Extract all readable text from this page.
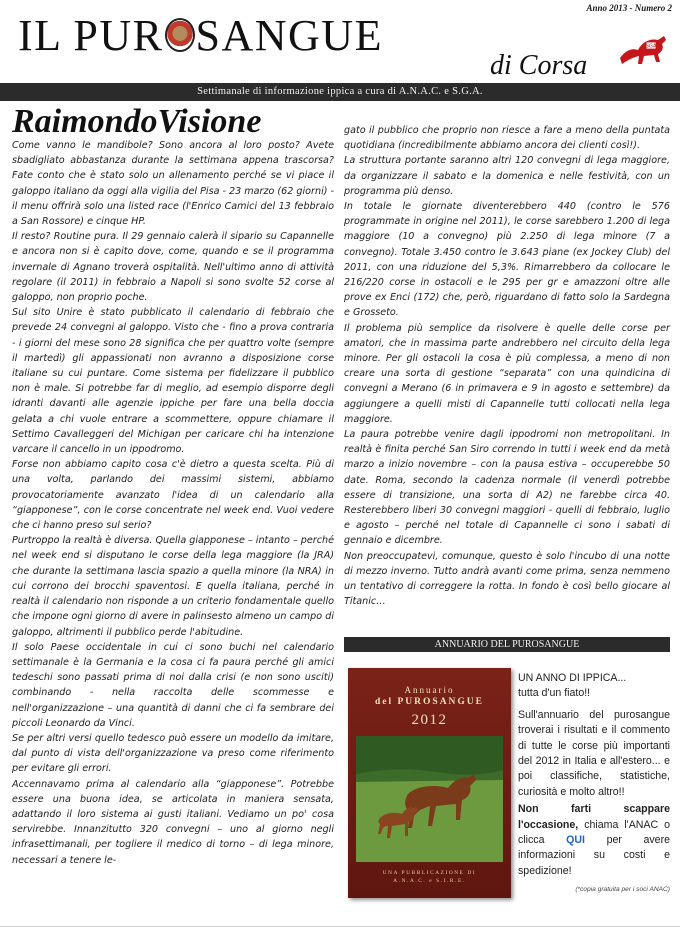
Anno 2013 - Numero 2
IL PUR SANGUE
di Corsa
SGA
Settimanale di informazione ippica a cura di A.N.A.C. e S.G.A.
RaimondoVisione

Come vanno le mandibole? Sono ancora al loro posto? Avete sbadigliato abbastanza durante la settimana appena trascorsa? Fate conto che è stato solo un allenamento perché se vi piace il galoppo italiano da oggi alla vigilia del Pisa - 23 marzo (62 giorni) - il menu offrirà solo una listed race (l'Enrico Camici del 13 febbraio a San Rossore) e cinque HP.

Il resto? Routine pura. Il 29 gennaio calerà il sipario su Capannelle e ancora non si è capito dove, come, quando e se il programma invernale di Agnano troverà ospitalità. Nell'ultimo anno di attività regolare (il 2011) in febbraio a Napoli si sono svolte 52 corse al galoppo, non proprio poche.

Sul sito Unire è stato pubblicato il calendario di febbraio che prevede 24 convegni al galoppo. Visto che - fino a prova contraria - i giorni del mese sono 28 significa che per quattro volte (sempre il martedì) gli appassionati non avranno a disposizione corse italiane su cui puntare. Come sistema per fidelizzare il pubblico non è male. Si potrebbe far di meglio, ad esempio disporre degli idranti davanti alle agenzie ippiche per fare una bella doccia gelata a chi vuole entrare a scommettere, oppure chiamare il Settimo Cavalleggeri del Michigan per caricare chi ha intenzione varcare il cancello in un ippodromo.

Forse non abbiamo capito cosa c'è dietro a questa scelta. Più di una volta, parlando dei massimi sistemi, abbiamo provocatoriamente avanzato l'idea di un calendario alla “giapponese”, con le corse concentrate nel week end. Vuoi vedere che ci hanno preso sul serio?

Purtroppo la realtà è diversa. Quella giapponese – intanto – perché nel week end si disputano le corse della lega maggiore (la JRA) che durante la settimana lascia spazio a quella minore (la NRA) in cui corrono dei brocchi spaventosi. E quella italiana, perché in realtà il calendario non risponde a un criterio fondamentale quello che impone ogni giorno di avere in palinsesto almeno un campo di galoppo, altrimenti il pubblico perde l'abitudine.

Il solo Paese occidentale in cui ci sono buchi nel calendario settimanale è la Germania e la cosa ci fa paura perché gli amici tedeschi sono passati prima di noi dalla crisi (e non sono usciti) combinando - nella raccolta delle scommesse e nell'organizzazione – una quantità di danni che ci fa sembrare dei piccoli Leonardo da Vinci.

Se per altri versi quello tedesco può essere un modello da imitare, dal punto di vista dell'organizzazione va preso come riferimento per evitare gli errori.

Accennavamo prima al calendario alla “giapponese”. Potrebbe essere una buona idea, se articolata in maniera sensata, adattando il loro sistema ai gusti italiani. Vediamo un po' cosa servirebbe. Innanzitutto 320 convegni – uno al giorno negli infrasettimanali, per togliere il medico di torno – di lega minore, necessari a tenere le-

gato il pubblico che proprio non riesce a fare a meno della puntata quotidiana (incredibilmente abbiamo ancora dei clienti così!).

La struttura portante saranno altri 120 convegni di lega maggiore, da organizzare il sabato e la domenica e nelle festività, con un programma più denso.

In totale le giornate diventerebbero 440 (contro le 576 programmate in origine nel 2011), le corse sarebbero 1.200 di lega maggiore (10 a convegno) più 2.250 di lega minore (7 a convegno). Totale 3.450 contro le 3.643 piane (ex Jockey Club) del 2011, con una riduzione del 5,3%. Rimarrebbero da collocare le 216/220 corse in ostacoli e le 295 per gr e amazzoni oltre alle prove ex Enci (172) che, però, riguardano di fatto solo la Sardegna e Grosseto.

Il problema più semplice da risolvere è quelle delle corse per amatori, che in massima parte andrebbero nel circuito della lega minore. Per gli ostacoli la cosa è più complessa, a meno di non creare una sorta di gestione “separata” con una quindicina di convegni a Merano (6 in primavera e 9 in agosto e settembre) da aggiungere a quelli misti di Capannelle tutti collocati nella lega maggiore.

La paura potrebbe venire dagli ippodromi non metropolitani. In realtà è finita perché San Siro correndo in tutti i week end da metà marzo a inizio novembre – con la pausa estiva – occuperebbe 50 date. Roma, secondo la cadenza normale (il venerdì potrebbe essere di transizione, una sorta di A2) ne farebbe circa 40. Resterebbero liberi 30 convegni maggiori - quelli di febbraio, luglio e agosto – perché nel totale di Capannelle ci sono i sabati di gennaio e dicembre.

Non preoccupatevi, comunque, questo è solo l'incubo di una notte di mezzo inverno. Tutto andrà avanti come prima, senza nemmeno un tentativo di correggere la rotta. In fondo è così bello giocare al Titanic…

ANNUARIO DEL PUROSANGUE
Annuario
del PUROSANGUE
2012
UNA PUBBLICAZIONE DI
A.N.A.C. e S.I.R.E.
UN ANNO DI IPPICA...
tutta d'un fiato!!
Sull'annuario del purosangue troverai i risultati e il commento di tutte le corse più importanti del 2012 in Italia e all'estero... e poi classifiche, statistiche, curiosità e molto altro!!
Non farti scappare l'occasione, chiama l'ANAC o clicca QUI per avere informazioni su costi e spedizione!
(*copia gratuita per i soci ANAC)
